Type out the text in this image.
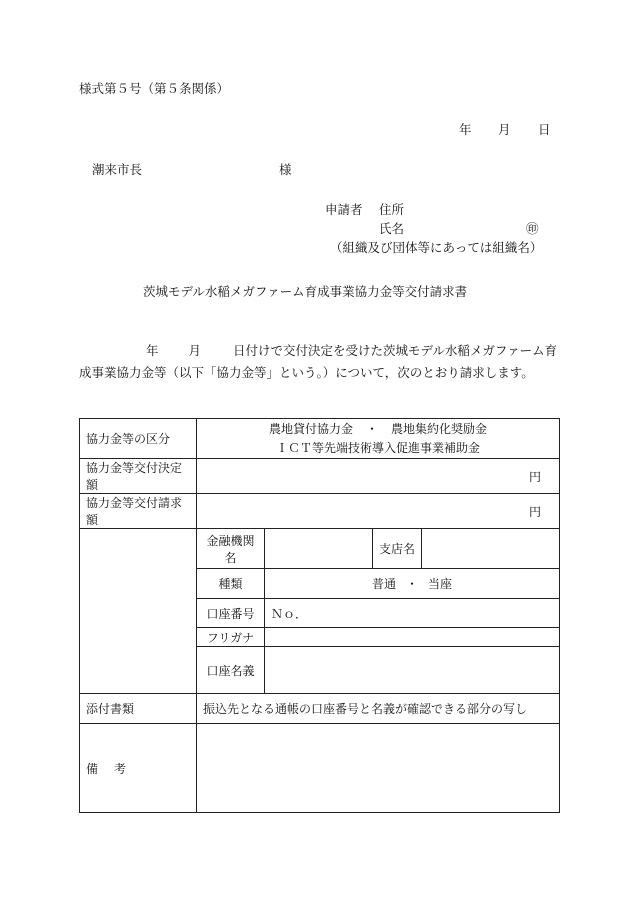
様式第５号（第５条関係）
年 月 日
潮来市長	様
申請者 住所
氏名	㊞
（組織及び団体等にあっては組織名）
茨城モデル水稲メガファーム育成事業協力金等交付請求書
年 月	日付けで交付決定を受けた茨城モデル水稲メガファーム育成事業協力金等（以下「協力金等」という。）について，次のとおり請求します。
協力金等の区分	農地貸付協力金 ・ 農地集約化奨励金
ＩＣＴ等先端技術導入促進事業補助金			

協力金等交付決定額	円			
協力金等交付請求額	円			
	金融機関名		支店名	
	種類	普通 ・ 当座		

	口座番号	Ｎｏ．		
	フリガナ			
	口座名義			
添付書類	振込先となる通帳の口座番号と名義が確認できる部分の写し			
備考				
